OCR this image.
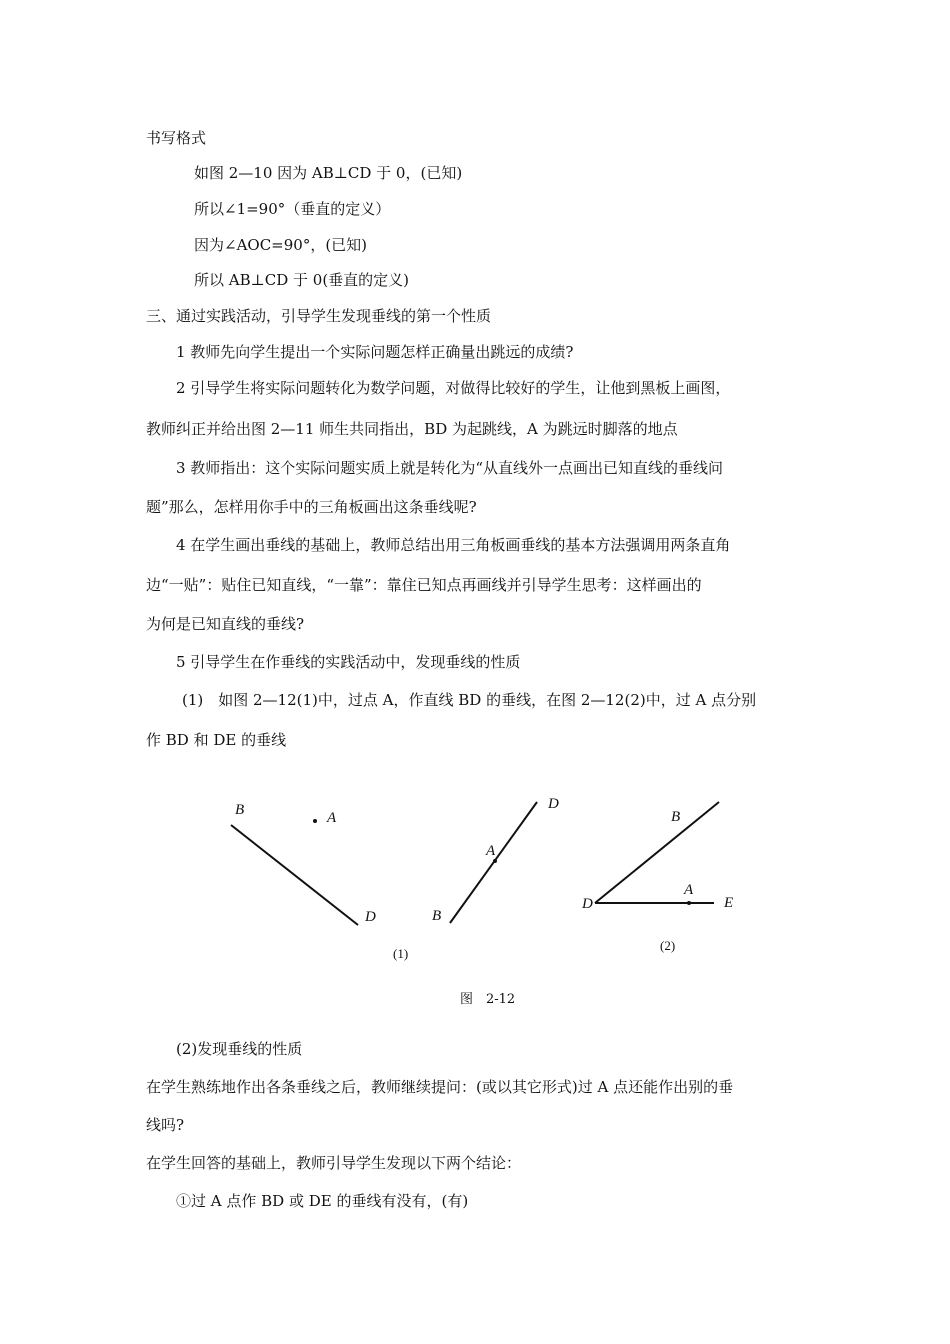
书写格式
如图 2—10 因为 AB⊥CD 于 0，(已知)
所以∠1=90°（垂直的定义）
因为∠AOC=90°，(已知)
所以 AB⊥CD 于 0(垂直的定义)
三、通过实践活动，引导学生发现垂线的第一个性质
1 教师先向学生提出一个实际问题怎样正确量出跳远的成绩?
2 引导学生将实际问题转化为数学问题，对做得比较好的学生，让他到黑板上画图，
教师纠正并给出图 2—11 师生共同指出，BD 为起跳线，A 为跳远时脚落的地点
3 教师指出：这个实际问题实质上就是转化为“从直线外一点画出已知直线的垂线问
题”那么，怎样用你手中的三角板画出这条垂线呢?
4 在学生画出垂线的基础上，教师总结出用三角板画垂线的基本方法强调用两条直角
边“一贴”：贴住已知直线，“一靠”：靠住已知点再画线并引导学生思考：这样画出的
为何是已知直线的垂线?
5 引导学生在作垂线的实践活动中，发现垂线的性质
(1)　如图 2—12(1)中，过点 A，作直线 BD 的垂线，在图 2—12(2)中，过 A 点分别
作 BD 和 DE 的垂线
(2)发现垂线的性质
在学生熟练地作出各条垂线之后，教师继续提问：(或以其它形式)过 A 点还能作出别的垂
线吗?
在学生回答的基础上，教师引导学生发现以下两个结论：
①过 A 点作 BD 或 DE 的垂线有没有，(有)
B	A
D
D
A
B
B
D
A
E
(1)
(2)
图　2-12
